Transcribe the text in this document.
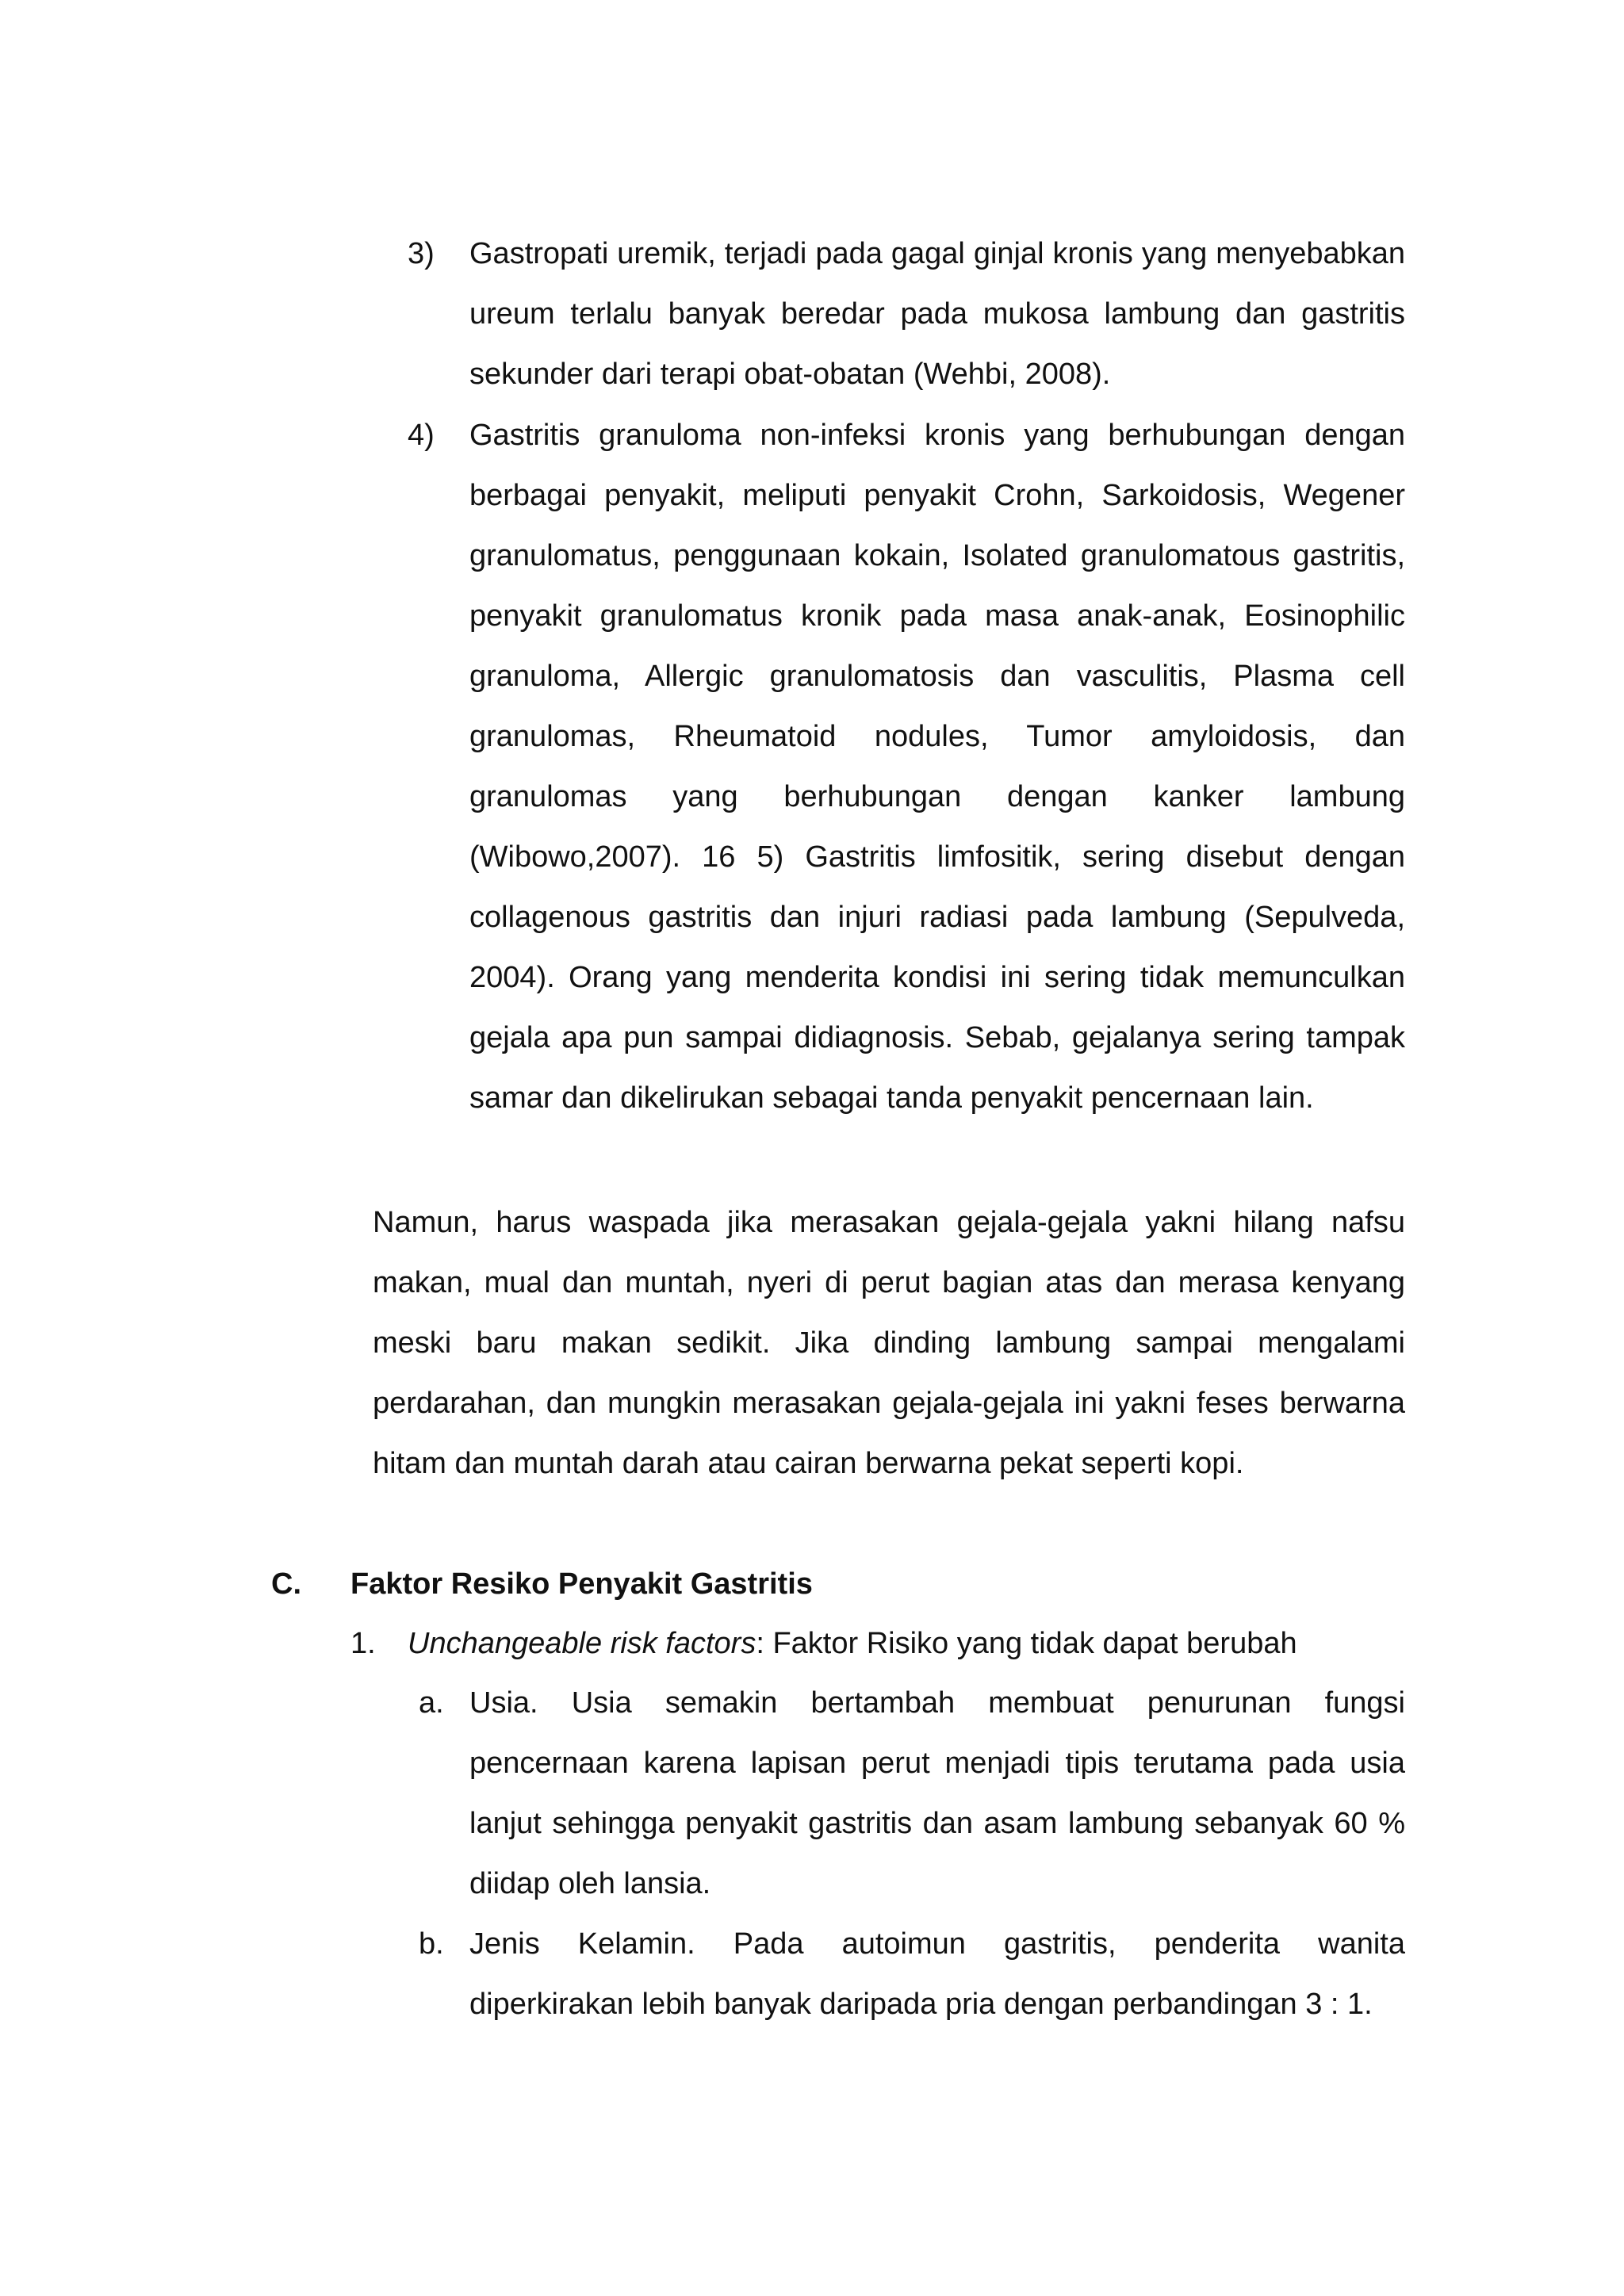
3) Gastropati uremik, terjadi pada gagal ginjal kronis yang menyebabkan
ureum terlalu banyak beredar pada mukosa lambung dan gastritis
sekunder dari terapi obat-obatan (Wehbi, 2008).
4) Gastritis granuloma non-infeksi kronis yang berhubungan dengan
berbagai penyakit, meliputi penyakit Crohn, Sarkoidosis, Wegener
granulomatus, penggunaan kokain, Isolated granulomatous gastritis,
penyakit granulomatus kronik pada masa anak-anak, Eosinophilic
granuloma, Allergic granulomatosis dan vasculitis, Plasma cell
granulomas, Rheumatoid nodules, Tumor amyloidosis, dan
granulomas yang berhubungan dengan kanker lambung
(Wibowo,2007). 16 5) Gastritis limfositik, sering disebut dengan
collagenous gastritis dan injuri radiasi pada lambung (Sepulveda,
2004). Orang yang menderita kondisi ini sering tidak memunculkan
gejala apa pun sampai didiagnosis. Sebab, gejalanya sering tampak
samar dan dikelirukan sebagai tanda penyakit pencernaan lain.
Namun, harus waspada jika merasakan gejala-gejala yakni hilang nafsu
makan, mual dan muntah, nyeri di perut bagian atas dan merasa kenyang
meski baru makan sedikit. Jika dinding lambung sampai mengalami
perdarahan, dan mungkin merasakan gejala-gejala ini yakni feses berwarna
hitam dan muntah darah atau cairan berwarna pekat seperti kopi.
C. Faktor Resiko Penyakit Gastritis
1. Unchangeable risk factors: Faktor Risiko yang tidak dapat berubah
a. Usia. Usia semakin bertambah membuat penurunan fungsi
pencernaan karena lapisan perut menjadi tipis terutama pada usia
lanjut sehingga penyakit gastritis dan asam lambung sebanyak 60 %
diidap oleh lansia.
b. Jenis Kelamin. Pada autoimun gastritis, penderita wanita
diperkirakan lebih banyak daripada pria dengan perbandingan 3 : 1.
